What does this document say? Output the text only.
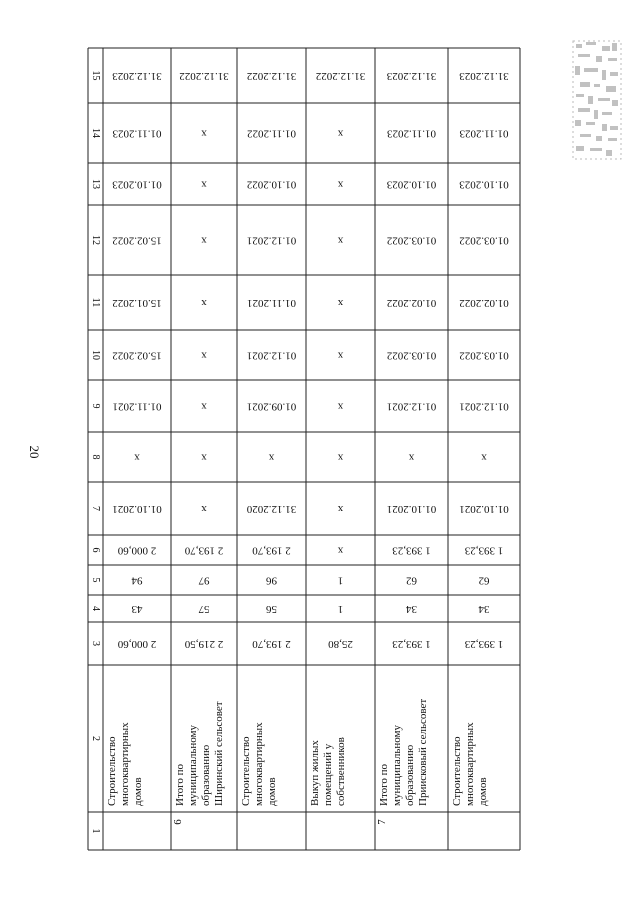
20
1
2
3
4
5
6
7
8
9
10
11
12
13
14
15
2 000,60
43
94
2 000,60
01.10.2021
x
01.11.2021
15.02.2022
15.01.2022
15.02.2022
01.10.2023
01.11.2023
31.12.2023
Строительство многоквартирных домов
2 219,50
57
97
2 193,70
x
x
x
x
x
x
x
x
31.12.2022
Итого по муниципальному образованию Ширинский сельсовет
6
2 193,70
56
96
2 193,70
31.12.2020
x
01.09.2021
01.12.2021
01.11.2021
01.12.2021
01.10.2022
01.11.2022
31.12.2022
Строительство многоквартирных домов
25,80
1
1
x
x
x
x
x
x
x
x
x
31.12.2022
Выкуп жилых помещений у собственников
1 393,23
34
62
1 393,23
01.10.2021
x
01.12.2021
01.03.2022
01.02.2022
01.03.2022
01.10.2023
01.11.2023
31.12.2023
Итого по муниципальному образованию Приисковый сельсовет
7
1 393,23
34
62
1 393,23
01.10.2021
x
01.12.2021
01.03.2022
01.02.2022
01.03.2022
01.10.2023
01.11.2023
31.12.2023
Строительство многоквартирных домов
